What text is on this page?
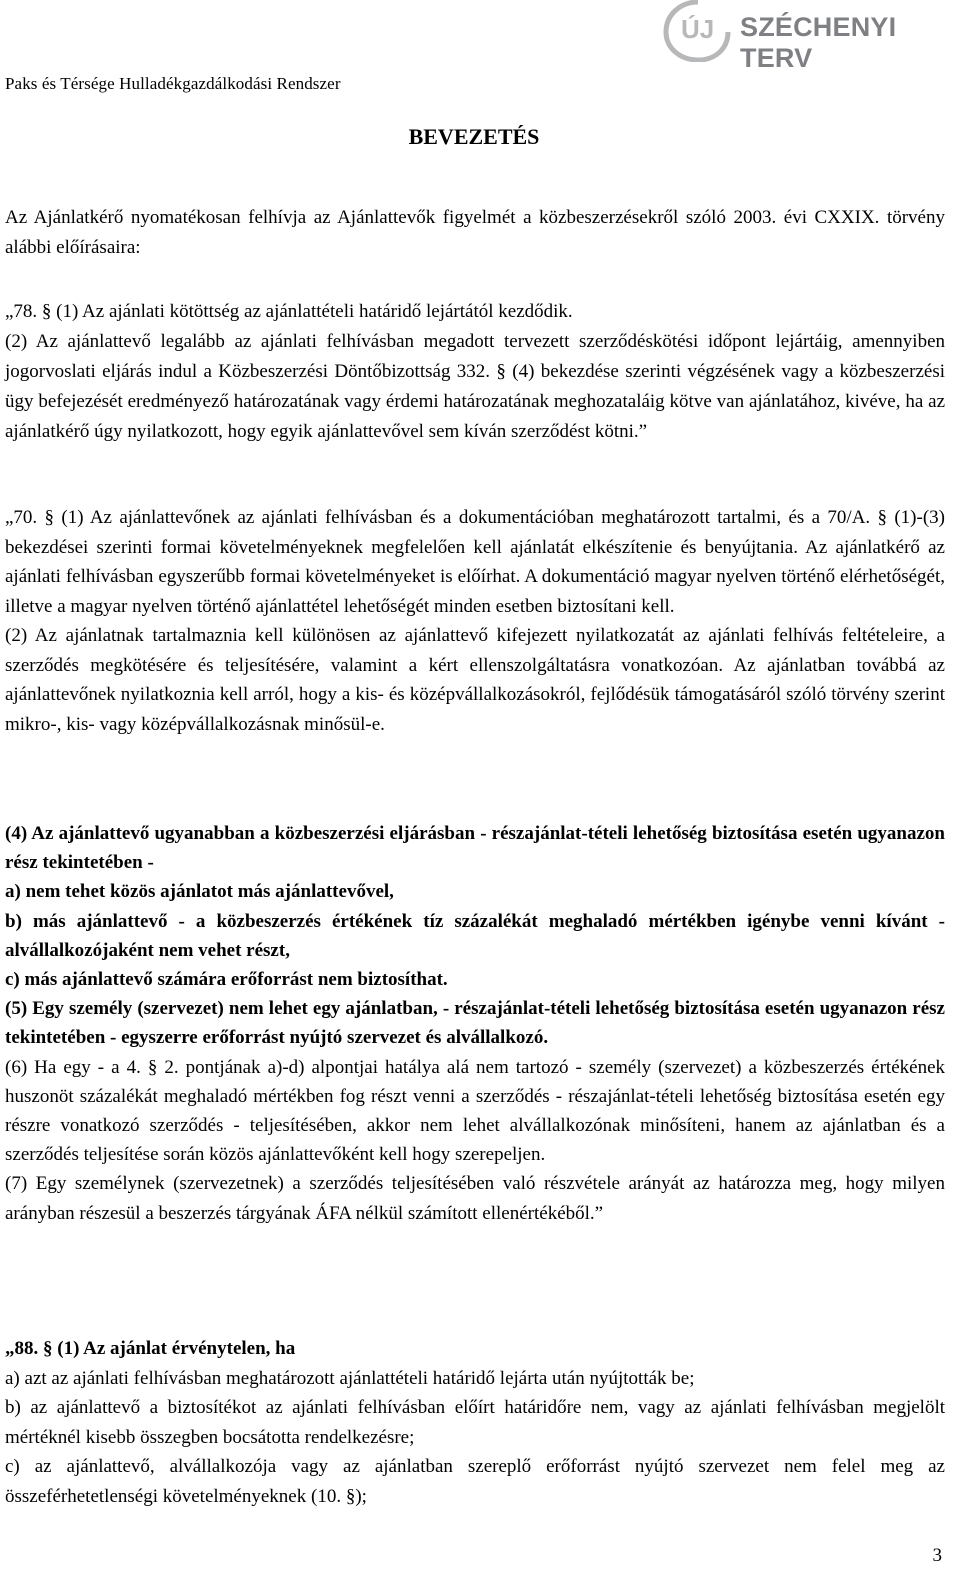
Paks és Térsége Hulladékgazdálkodási Rendszer
ÚJ SZÉCHENYI TERV
BEVEZETÉS

Az Ajánlatkérő nyomatékosan felhívja az Ajánlattevők figyelmét a közbeszerzésekről szóló 2003. évi CXXIX. törvény alábbi előírásaira:

„78. § (1) Az ajánlati kötöttség az ajánlattételi határidő lejártától kezdődik.
(2) Az ajánlattevő legalább az ajánlati felhívásban megadott tervezett szerződéskötési időpont lejártáig, amennyiben jogorvoslati eljárás indul a Közbeszerzési Döntőbizottság 332. § (4) bekezdése szerinti végzésének vagy a közbeszerzési ügy befejezését eredményező határozatának vagy érdemi határozatának meghozataláig kötve van ajánlatához, kivéve, ha az ajánlatkérő úgy nyilatkozott, hogy egyik ajánlattevővel sem kíván szerződést kötni.”

„70. § (1) Az ajánlattevőnek az ajánlati felhívásban és a dokumentációban meghatározott tartalmi, és a 70/A. § (1)-(3) bekezdései szerinti formai követelményeknek megfelelően kell ajánlatát elkészítenie és benyújtania. Az ajánlatkérő az ajánlati felhívásban egyszerűbb formai követelményeket is előírhat. A dokumentáció magyar nyelven történő elérhetőségét, illetve a magyar nyelven történő ajánlattétel lehetőségét minden esetben biztosítani kell.

(2) Az ajánlatnak tartalmaznia kell különösen az ajánlattevő kifejezett nyilatkozatát az ajánlati felhívás feltételeire, a szerződés megkötésére és teljesítésére, valamint a kért ellenszolgáltatásra vonatkozóan. Az ajánlatban továbbá az ajánlattevőnek nyilatkoznia kell arról, hogy a kis- és középvállalkozásokról, fejlődésük támogatásáról szóló törvény szerint mikro-, kis- vagy középvállalkozásnak minősül-e.

(4) Az ajánlattevő ugyanabban a közbeszerzési eljárásban - részajánlat-tételi lehetőség biztosítása esetén ugyanazon rész tekintetében -

a) nem tehet közös ajánlatot más ajánlattevővel,

b) más ajánlattevő - a közbeszerzés értékének tíz százalékát meghaladó mértékben igénybe venni kívánt - alvállalkozójaként nem vehet részt,

c) más ajánlattevő számára erőforrást nem biztosíthat.

(5) Egy személy (szervezet) nem lehet egy ajánlatban, - részajánlat-tételi lehetőség biztosítása esetén ugyanazon rész tekintetében - egyszerre erőforrást nyújtó szervezet és alvállalkozó.

(6) Ha egy - a 4. § 2. pontjának a)-d) alpontjai hatálya alá nem tartozó - személy (szervezet) a közbeszerzés értékének huszonöt százalékát meghaladó mértékben fog részt venni a szerződés - részajánlat-tételi lehetőség biztosítása esetén egy részre vonatkozó szerződés - teljesítésében, akkor nem lehet alvállalkozónak minősíteni, hanem az ajánlatban és a szerződés teljesítése során közös ajánlattevőként kell hogy szerepeljen.

(7) Egy személynek (szervezetnek) a szerződés teljesítésében való részvétele arányát az határozza meg, hogy milyen arányban részesül a beszerzés tárgyának ÁFA nélkül számított ellenértékéből.”

„88. § (1) Az ajánlat érvénytelen, ha

a) azt az ajánlati felhívásban meghatározott ajánlattételi határidő lejárta után nyújtották be;

b) az ajánlattevő a biztosítékot az ajánlati felhívásban előírt határidőre nem, vagy az ajánlati felhívásban megjelölt mértéknél kisebb összegben bocsátotta rendelkezésre;

c) az ajánlattevő, alvállalkozója vagy az ajánlatban szereplő erőforrást nyújtó szervezet nem felel meg az összeférhetetlenségi követelményeknek (10. §);

3
